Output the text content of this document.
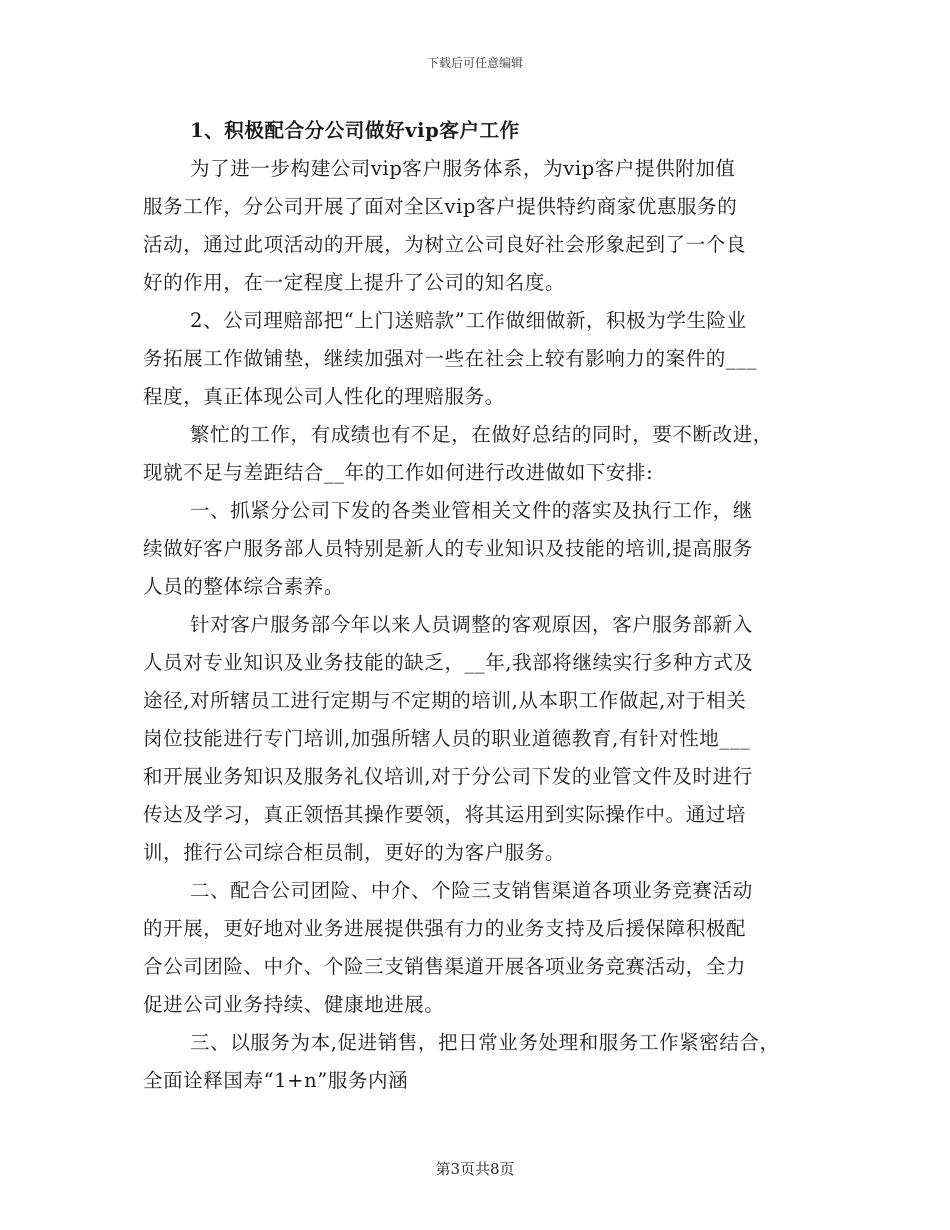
下载后可任意编辑
1、积极配合分公司做好vip客户工作
为了进一步构建公司vip客户服务体系，为vip客户提供附加值
服务工作，分公司开展了面对全区vip客户提供特约商家优惠服务的
活动，通过此项活动的开展，为树立公司良好社会形象起到了一个良
好的作用，在一定程度上提升了公司的知名度。
2、公司理赔部把“上门送赔款”工作做细做新，积极为学生险业
务拓展工作做铺垫，继续加强对一些在社会上较有影响力的案件的___
程度，真正体现公司人性化的理赔服务。
繁忙的工作，有成绩也有不足，在做好总结的同时，要不断改进，
现就不足与差距结合__年的工作如何进行改进做如下安排:
一、抓紧分公司下发的各类业管相关文件的落实及执行工作，继
续做好客户服务部人员特别是新人的专业知识及技能的培训,提高服务
人员的整体综合素养。
针对客户服务部今年以来人员调整的客观原因，客户服务部新入
人员对专业知识及业务技能的缺乏，__年,我部将继续实行多种方式及
途径,对所辖员工进行定期与不定期的培训,从本职工作做起,对于相关
岗位技能进行专门培训,加强所辖人员的职业道德教育,有针对性地___
和开展业务知识及服务礼仪培训,对于分公司下发的业管文件及时进行
传达及学习，真正领悟其操作要领，将其运用到实际操作中。通过培
训，推行公司综合柜员制，更好的为客户服务。
二、配合公司团险、中介、个险三支销售渠道各项业务竞赛活动
的开展，更好地对业务进展提供强有力的业务支持及后援保障积极配
合公司团险、中介、个险三支销售渠道开展各项业务竞赛活动，全力
促进公司业务持续、健康地进展。
三、以服务为本,促进销售，把日常业务处理和服务工作紧密结合，
全面诠释国寿“1+n”服务内涵
第3页共8页
